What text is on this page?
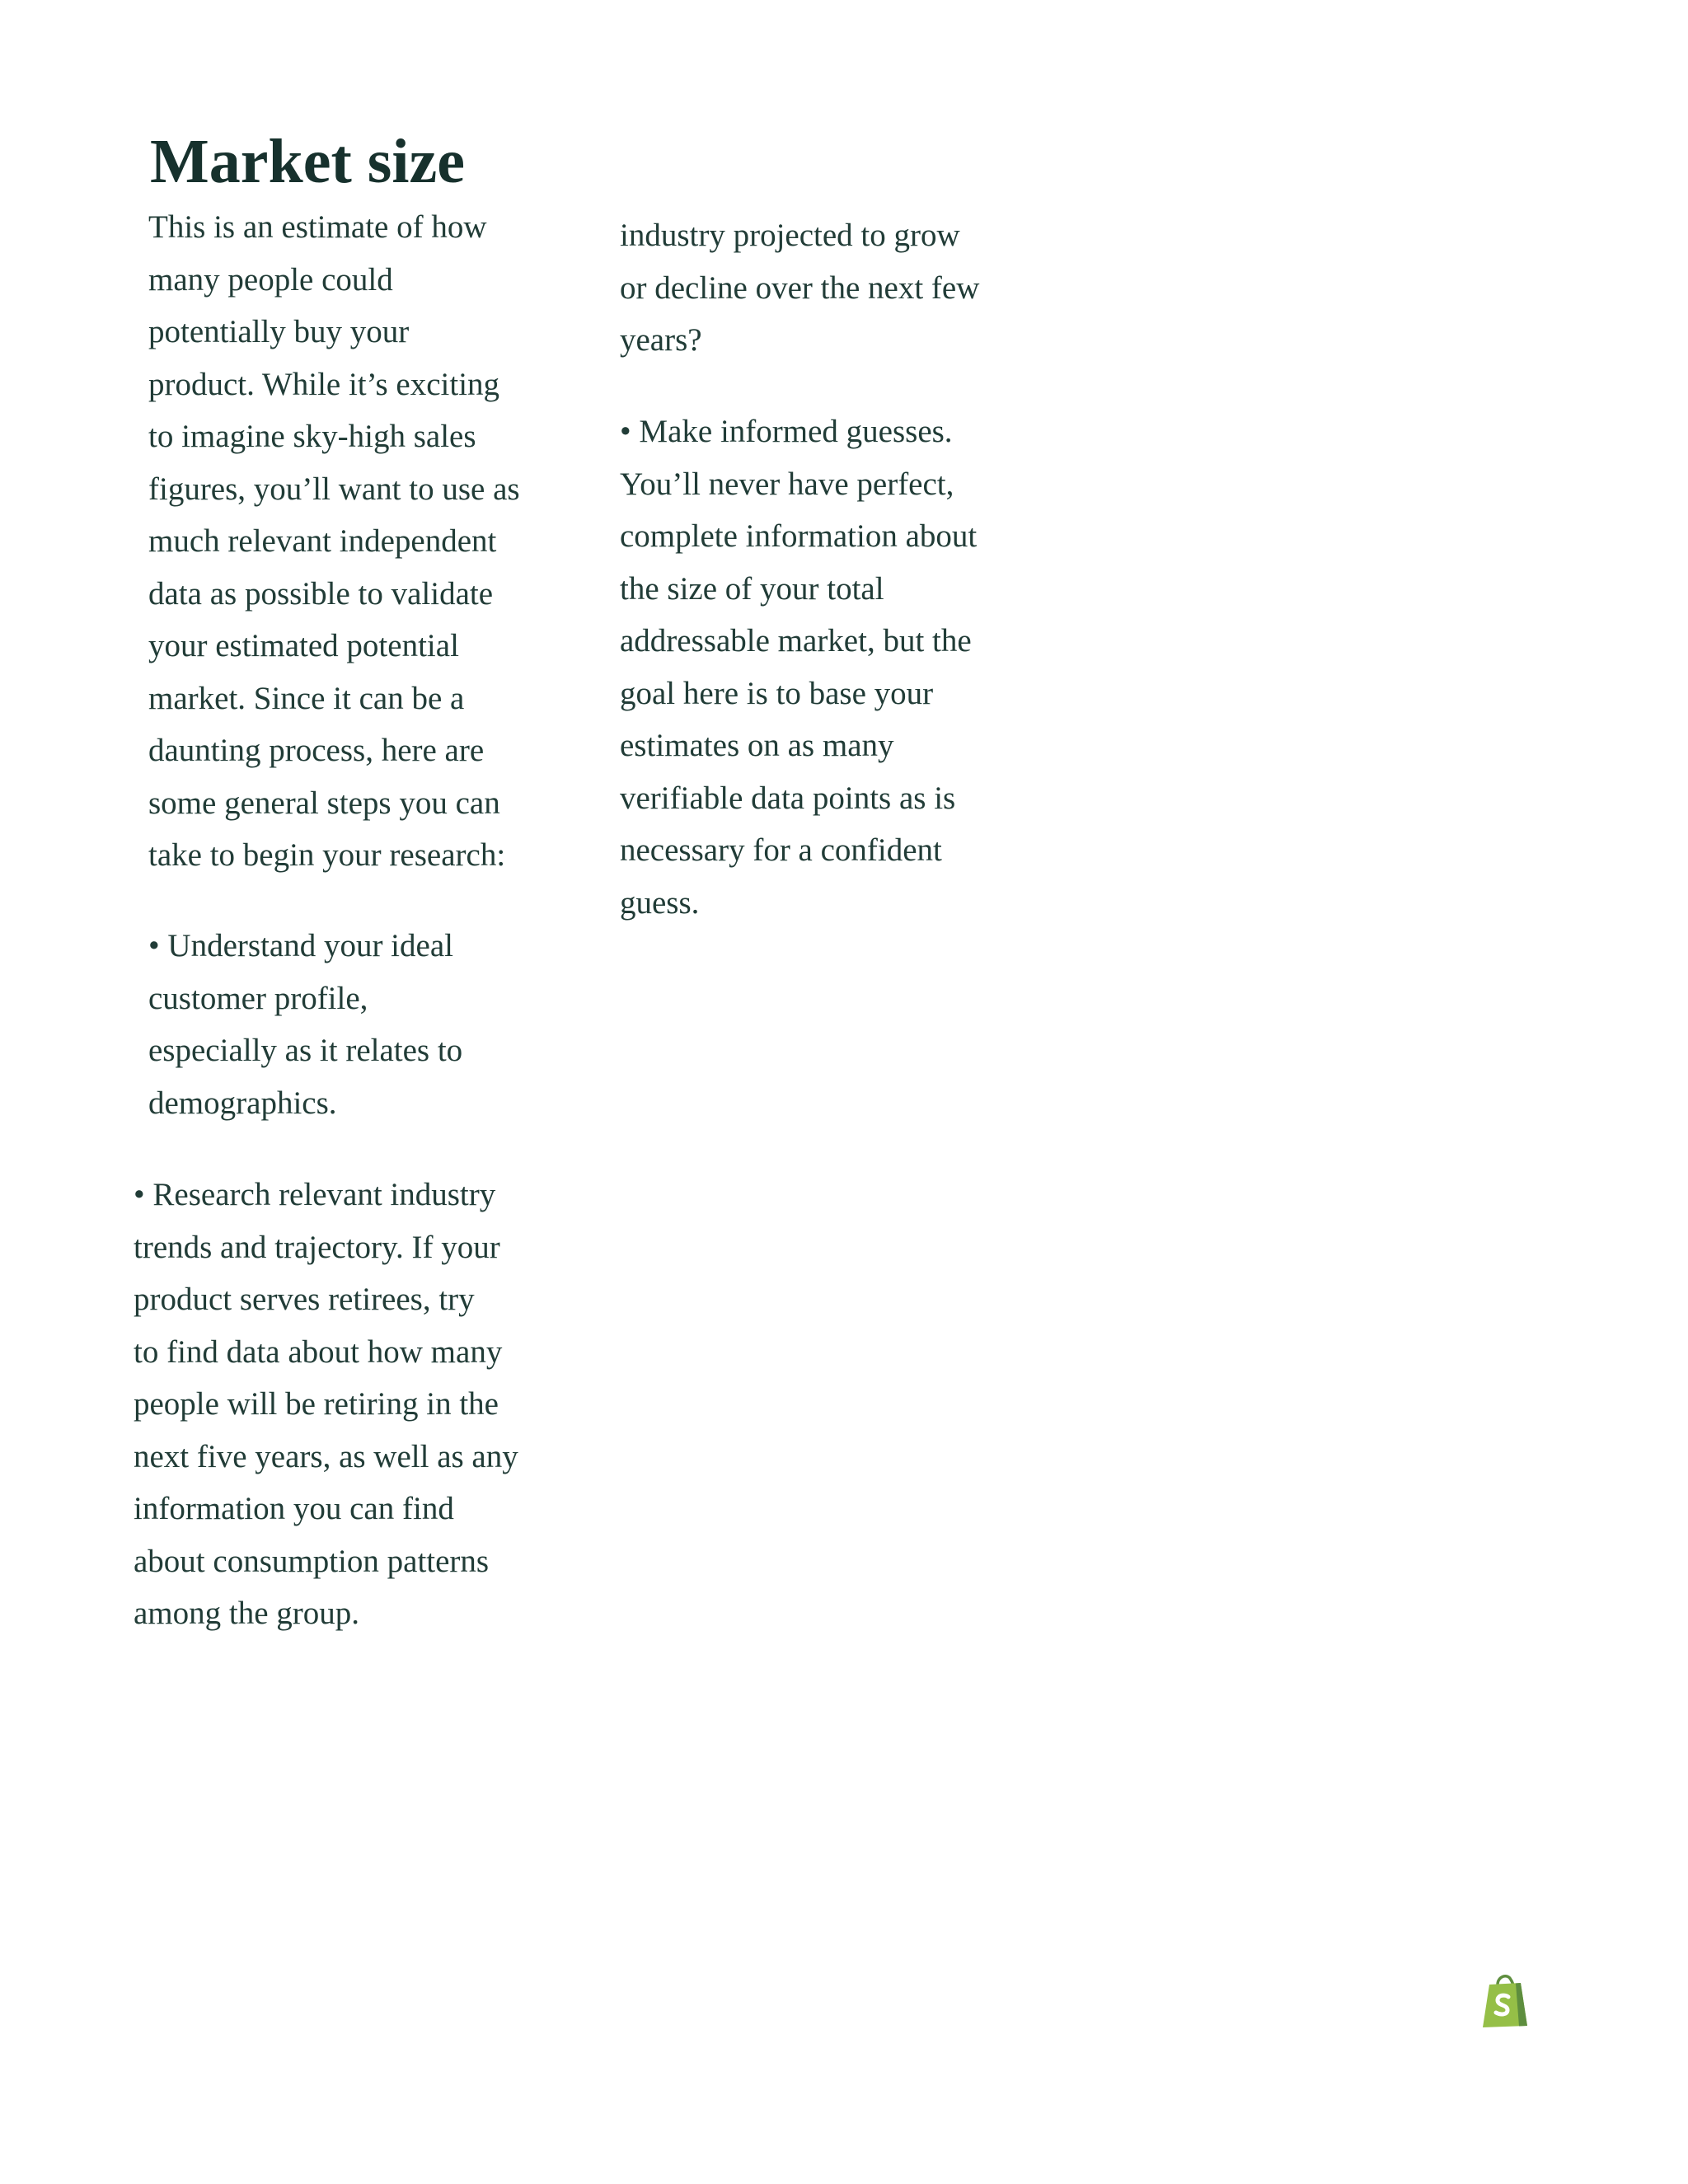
Market size

This is an estimate of how
many people could
potentially buy your
product. While it’s exciting
to imagine sky-high sales
figures, you’ll want to use as
much relevant independent
data as possible to validate
your estimated potential
market. Since it can be a
daunting process, here are
some general steps you can
take to begin your research:

• Understand your ideal
customer profile,
especially as it relates to
demographics.

• Research relevant industry
trends and trajectory. If your
product serves retirees, try
to find data about how many
people will be retiring in the
next five years, as well as any
information you can find
about consumption patterns
among the group.

industry projected to grow
or decline over the next few
years?

• Make informed guesses.
You’ll never have perfect,
complete information about
the size of your total
addressable market, but the
goal here is to base your
estimates on as many
verifiable data points as is
necessary for a confident
guess.
